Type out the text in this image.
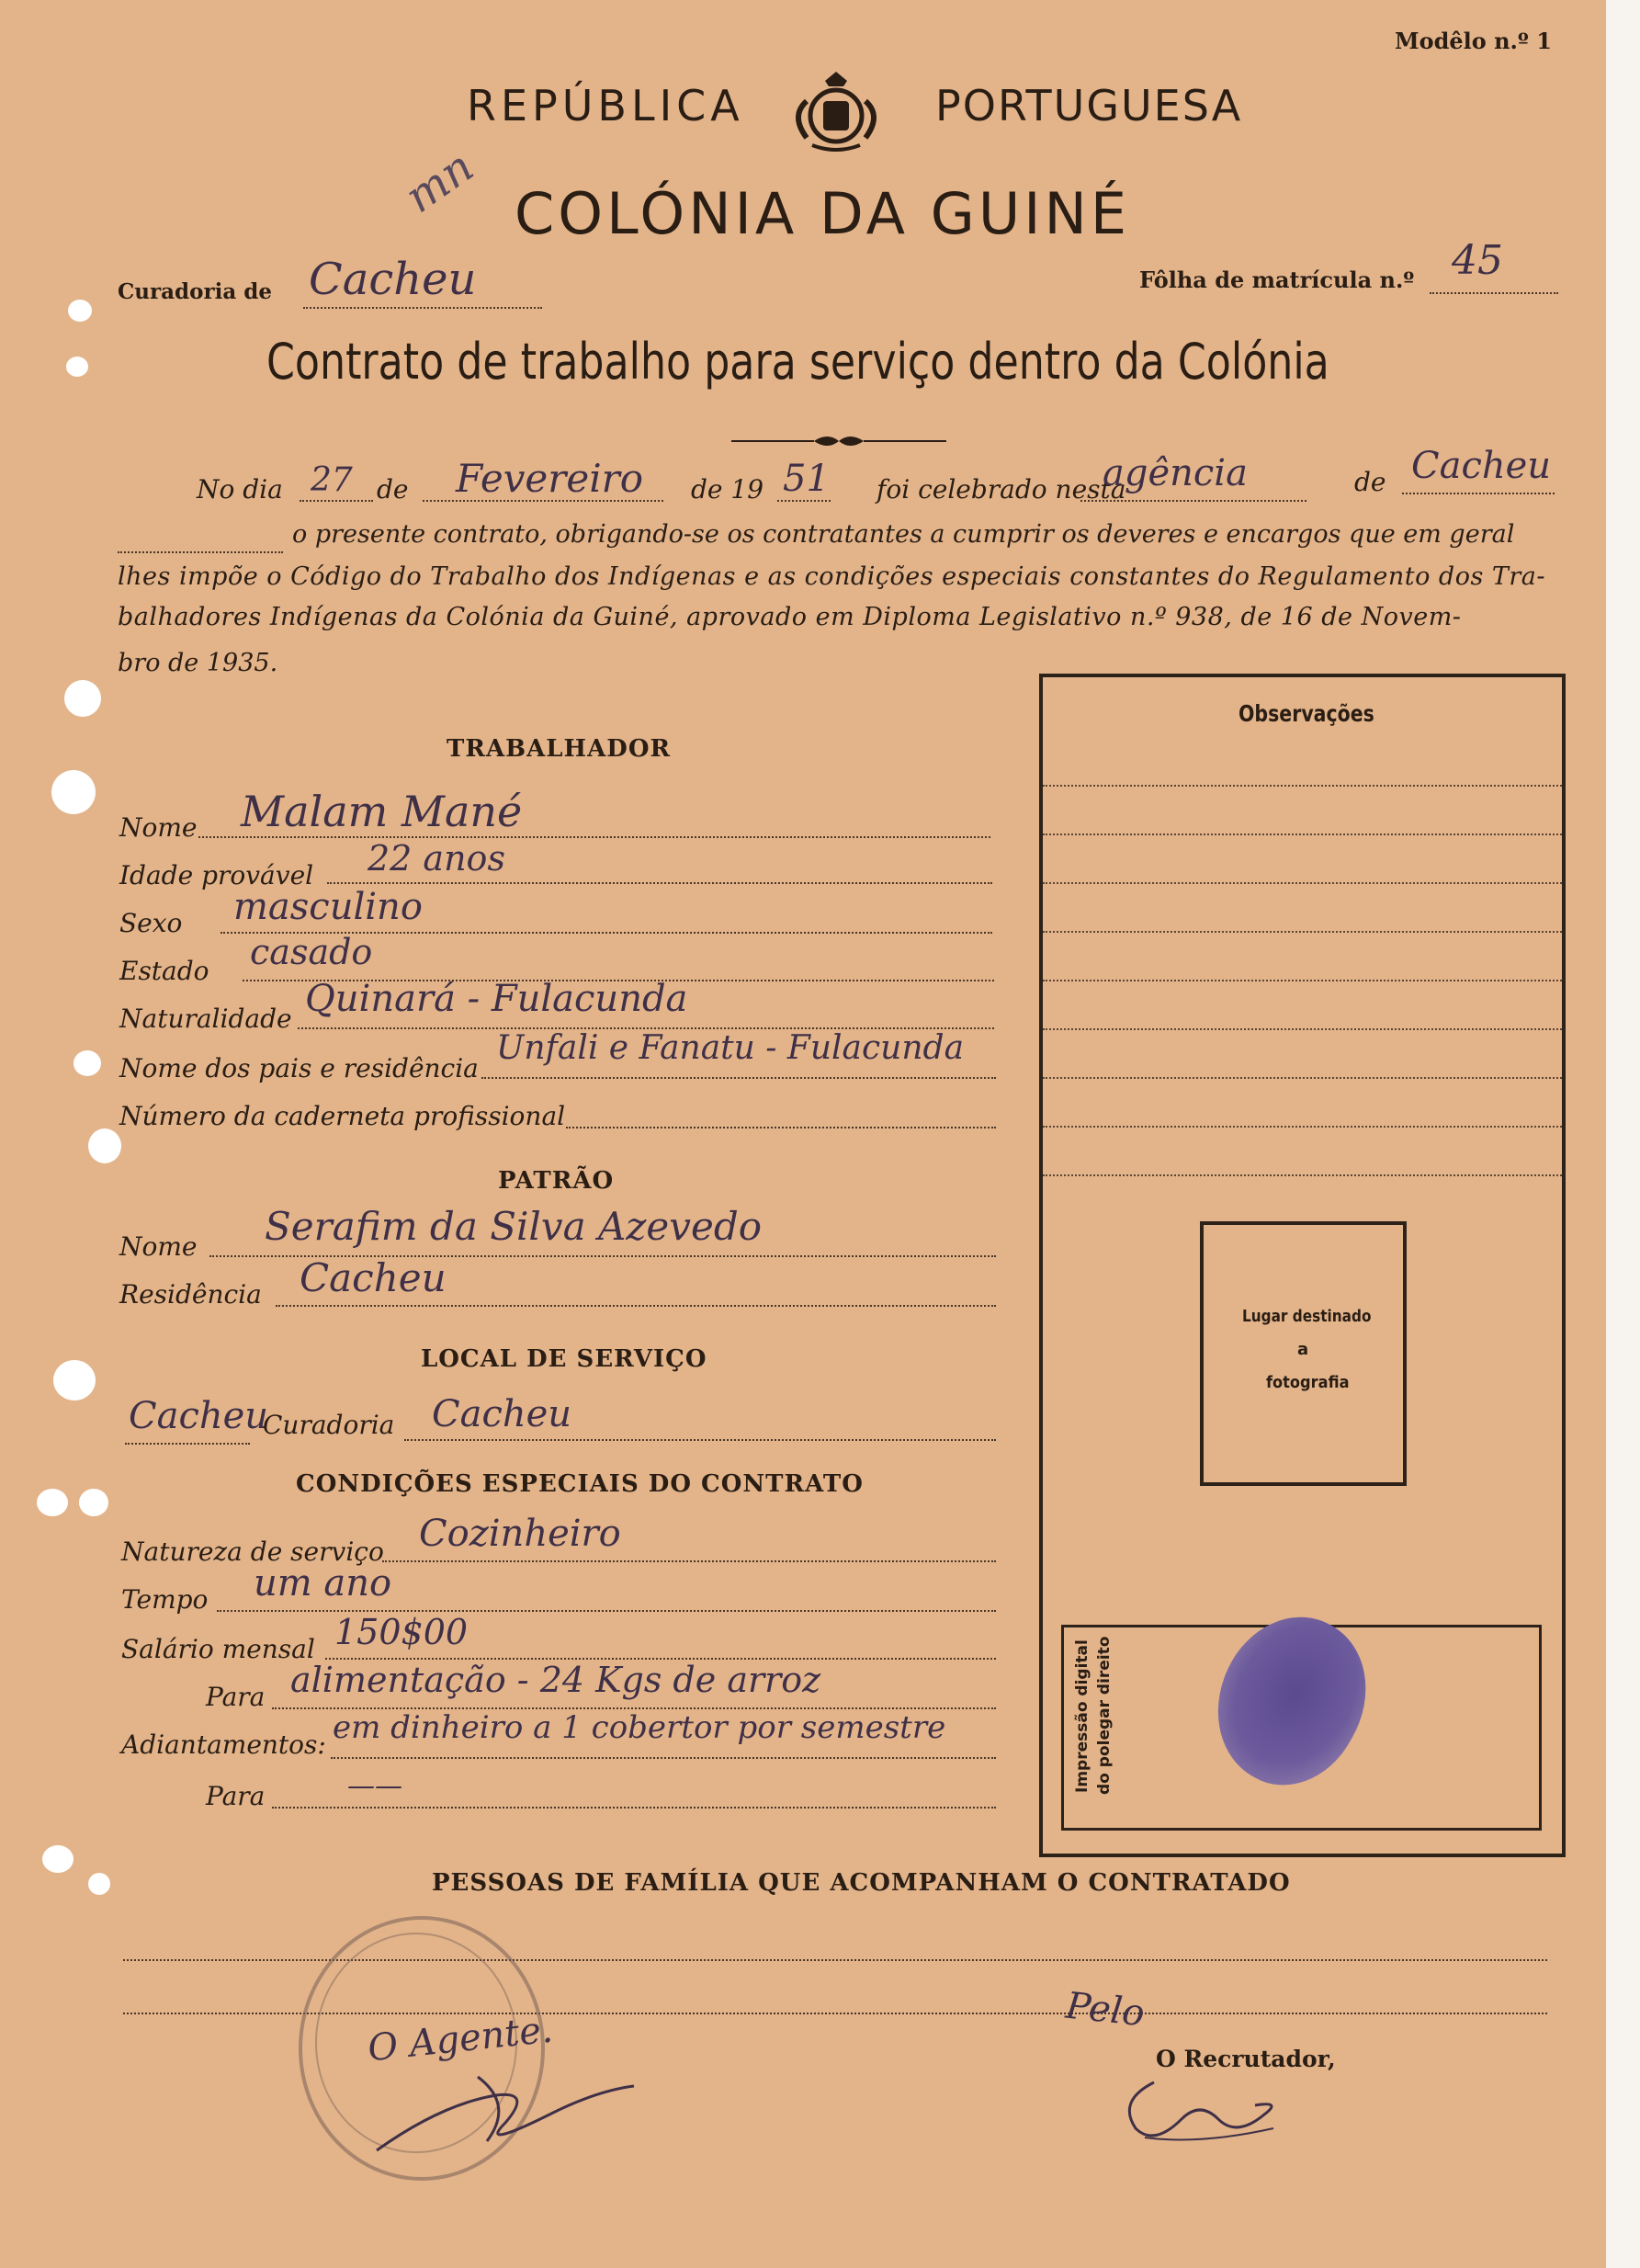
Modêlo n.º 1
REPÚBLICA	PORTUGUESA
COLÓNIA DA GUINÉ
mn
Curadoria de Cacheu	Fôlha de matrícula n.º 45
Contrato de trabalho para serviço dentro da Colónia
No dia 27 de Fevereiro de 19 51 foi celebrado nesta
agência	de Cacheu
o presente contrato, obrigando-se os contratantes a cumprir os deveres e encargos que em geral
lhes impõe o Código do Trabalho dos Indígenas e as condições especiais constantes do Regulamento dos Tra-
balhadores Indígenas da Colónia da Guiné, aprovado em Diploma Legislativo n.º 938, de 16 de Novem-
bro de 1935.
Observações
Lugar destinado
a
fotografia
Impressão digital do polegar direito
TRABALHADOR
Nome Malam Mané
Idade provável 22 anos
Sexo masculino
Estado casado
Naturalidade Quinará - Fulacunda
Nome dos pais e residência
Unfali e Fanatu - Fulacunda
Número da caderneta profissional
PATRÃO
Nome Serafim da Silva Azevedo
Residência Cacheu
LOCAL DE SERVIÇO
Cacheu
Curadoria Cacheu
CONDIÇÕES ESPECIAIS DO CONTRATO
Natureza de serviço Cozinheiro
Tempo um ano
Salário mensal 150$00
Para alimentação - 24 Kgs de arroz
Adiantamentos: em dinheiro a 1 cobertor por semestre
Para	——
PESSOAS DE FAMÍLIA QUE ACOMPANHAM O CONTRATADO
O Agente.	Pelo
O Recrutador,
